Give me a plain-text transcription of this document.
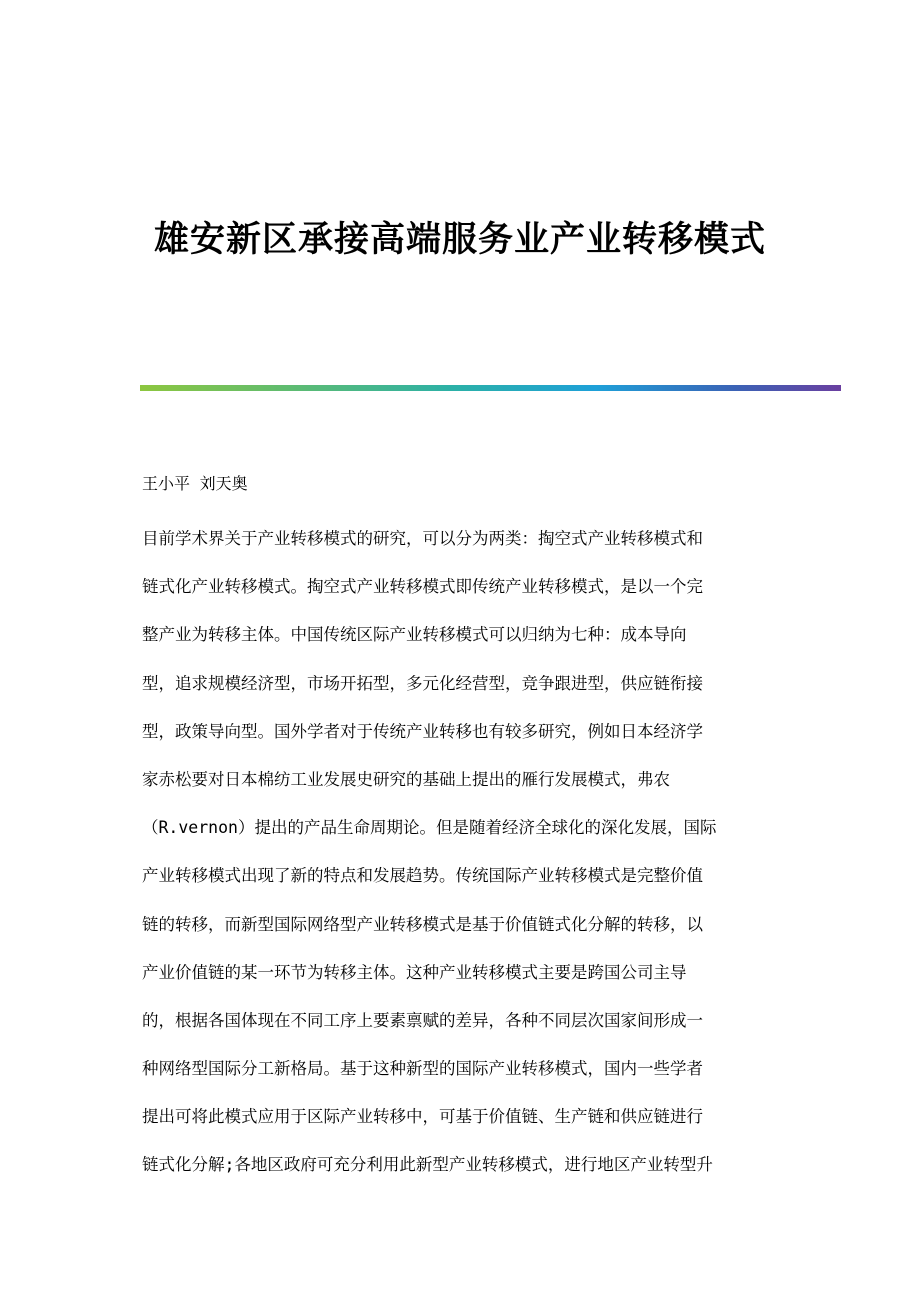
雄安新区承接高端服务业产业转移模式
王小平 刘天奥
目前学术界关于产业转移模式的研究，可以分为两类：掏空式产业转移模式和
链式化产业转移模式。掏空式产业转移模式即传统产业转移模式，是以一个完
整产业为转移主体。中国传统区际产业转移模式可以归纳为七种：成本导向
型，追求规模经济型，市场开拓型，多元化经营型，竞争跟进型，供应链衔接
型，政策导向型。国外学者对于传统产业转移也有较多研究，例如日本经济学
家赤松要对日本棉纺工业发展史研究的基础上提出的雁行发展模式，弗农
（R.vernon）提出的产品生命周期论。但是随着经济全球化的深化发展，国际
产业转移模式出现了新的特点和发展趋势。传统国际产业转移模式是完整价值
链的转移，而新型国际网络型产业转移模式是基于价值链式化分解的转移，以
产业价值链的某一环节为转移主体。这种产业转移模式主要是跨国公司主导
的，根据各国体现在不同工序上要素禀赋的差异，各种不同层次国家间形成一
种网络型国际分工新格局。基于这种新型的国际产业转移模式，国内一些学者
提出可将此模式应用于区际产业转移中，可基于价值链、生产链和供应链进行
链式化分解;各地区政府可充分利用此新型产业转移模式，进行地区产业转型升
